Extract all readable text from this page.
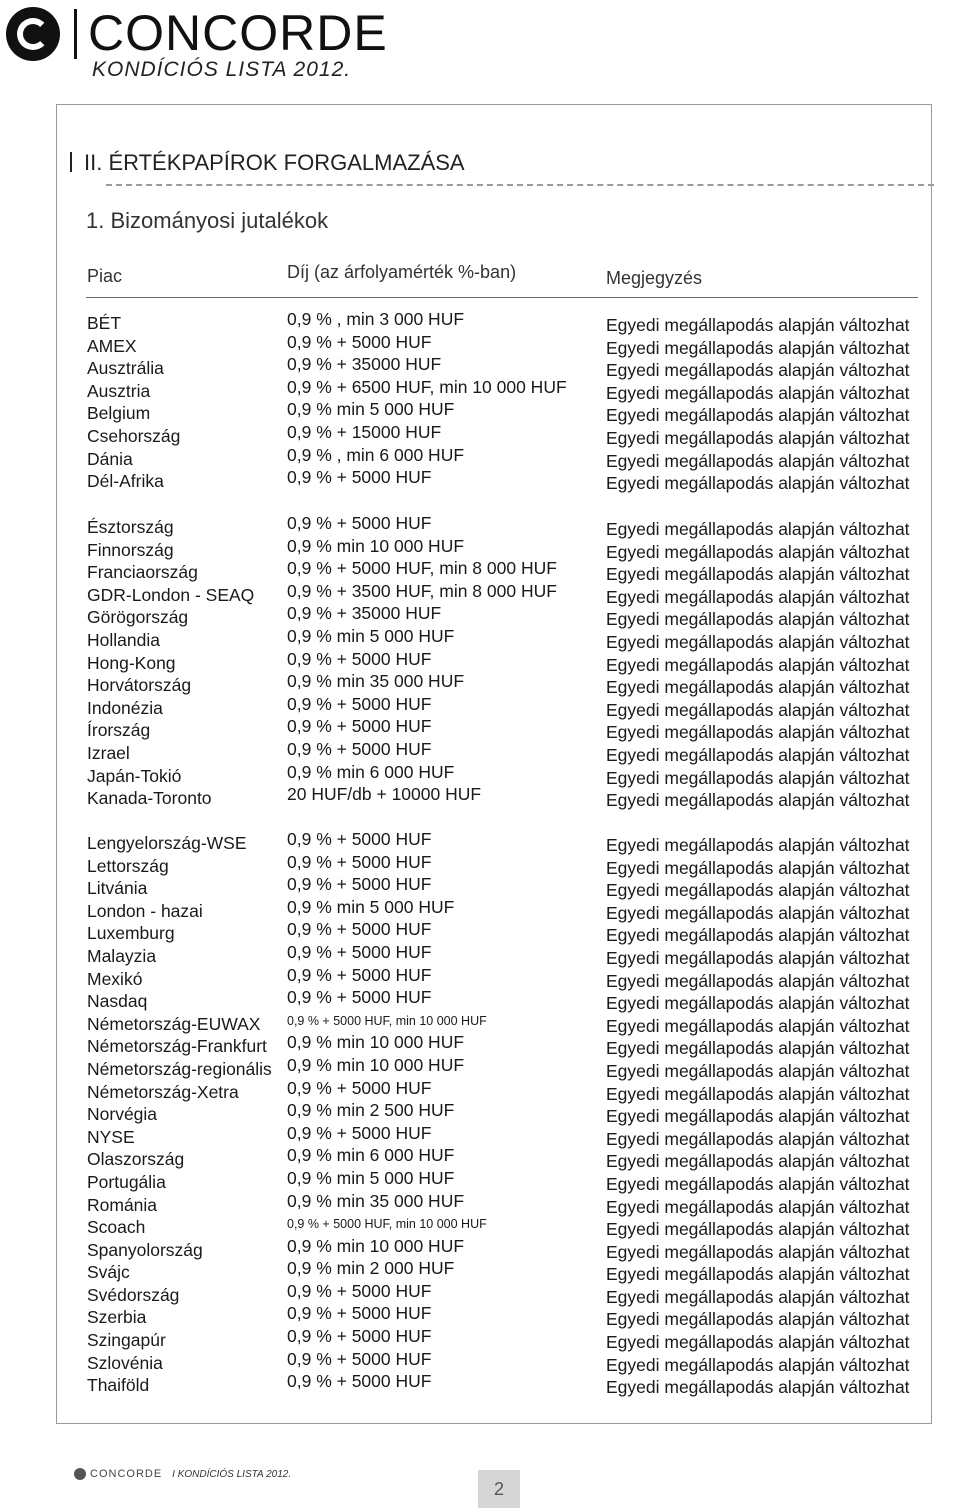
CONCORDE
KONDÍCIÓS LISTA 2012.
II. ÉRTÉKPAPÍROK FORGALMAZÁSA
1. Bizományosi jutalékok
Piac	Díj (az árfolyamérték %-ban)	Megjegyzés
BÉT	0,9 % , min 3 000 HUF	Egyedi megállapodás alapján változhat
AMEX	0,9 % + 5000 HUF	Egyedi megállapodás alapján változhat
Ausztrália	0,9 % + 35000 HUF	Egyedi megállapodás alapján változhat
Ausztria	0,9 % + 6500 HUF, min 10 000 HUF Egyedi megállapodás alapján változhat
Belgium	0,9 % min 5 000 HUF	Egyedi megállapodás alapján változhat
Csehország	0,9 % + 15000 HUF	Egyedi megállapodás alapján változhat
Dánia	0,9 % , min 6 000 HUF	Egyedi megállapodás alapján változhat
Dél-Afrika	0,9 % + 5000 HUF	Egyedi megállapodás alapján változhat
Észtország	0,9 % + 5000 HUF	Egyedi megállapodás alapján változhat
Finnország	0,9 % min 10 000 HUF	Egyedi megállapodás alapján változhat
Franciaország	0,9 % + 5000 HUF, min 8 000 HUF	Egyedi megállapodás alapján változhat
GDR-London - SEAQ 0,9 % + 3500 HUF, min 8 000 HUF	Egyedi megállapodás alapján változhat
Görögország	0,9 % + 35000 HUF	Egyedi megállapodás alapján változhat
Hollandia	0,9 % min 5 000 HUF	Egyedi megállapodás alapján változhat
Hong-Kong	0,9 % + 5000 HUF	Egyedi megállapodás alapján változhat
Horvátország	0,9 % min 35 000 HUF	Egyedi megállapodás alapján változhat
Indonézia	0,9 % + 5000 HUF	Egyedi megállapodás alapján változhat
Írország	0,9 % + 5000 HUF	Egyedi megállapodás alapján változhat
Izrael	0,9 % + 5000 HUF	Egyedi megállapodás alapján változhat
Japán-Tokió	0,9 % min 6 000 HUF	Egyedi megállapodás alapján változhat
Kanada-Toronto	20 HUF/db + 10000 HUF	Egyedi megállapodás alapján változhat
Lengyelország-WSE 0,9 % + 5000 HUF	Egyedi megállapodás alapján változhat
Lettország	0,9 % + 5000 HUF	Egyedi megállapodás alapján változhat
Litvánia	0,9 % + 5000 HUF	Egyedi megállapodás alapján változhat
London - hazai	0,9 % min 5 000 HUF	Egyedi megállapodás alapján változhat
Luxemburg	0,9 % + 5000 HUF	Egyedi megállapodás alapján változhat
Malayzia	0,9 % + 5000 HUF	Egyedi megállapodás alapján változhat
Mexikó	0,9 % + 5000 HUF	Egyedi megállapodás alapján változhat
Nasdaq	0,9 % + 5000 HUF	Egyedi megállapodás alapján változhat
Németország-EUWAX 0,9 % + 5000 HUF, min 10 000 HUF	Egyedi megállapodás alapján változhat
Németország-Frankfurt 0,9 % min 10 000 HUF	Egyedi megállapodás alapján változhat
Németország-regionális 0,9 % min 10 000 HUF	Egyedi megállapodás alapján változhat
Németország-Xetra	0,9 % + 5000 HUF	Egyedi megállapodás alapján változhat
Norvégia	0,9 % min 2 500 HUF	Egyedi megállapodás alapján változhat
NYSE	0,9 % + 5000 HUF	Egyedi megállapodás alapján változhat
Olaszország	0,9 % min 6 000 HUF	Egyedi megállapodás alapján változhat
Portugália	0,9 % min 5 000 HUF	Egyedi megállapodás alapján változhat
Románia	0,9 % min 35 000 HUF	Egyedi megállapodás alapján változhat
Scoach	0,9 % + 5000 HUF, min 10 000 HUF	Egyedi megállapodás alapján változhat
Spanyolország	0,9 % min 10 000 HUF	Egyedi megállapodás alapján változhat
Svájc	0,9 % min 2 000 HUF	Egyedi megállapodás alapján változhat
Svédország	0,9 % + 5000 HUF	Egyedi megállapodás alapján változhat
Szerbia	0,9 % + 5000 HUF	Egyedi megállapodás alapján változhat
Szingapúr	0,9 % + 5000 HUF	Egyedi megállapodás alapján változhat
Szlovénia	0,9 % + 5000 HUF	Egyedi megállapodás alapján változhat
Thaiföld	0,9 % + 5000 HUF	Egyedi megállapodás alapján változhat
CONCORDE I KONDÍCIÓS LISTA 2012.
2
